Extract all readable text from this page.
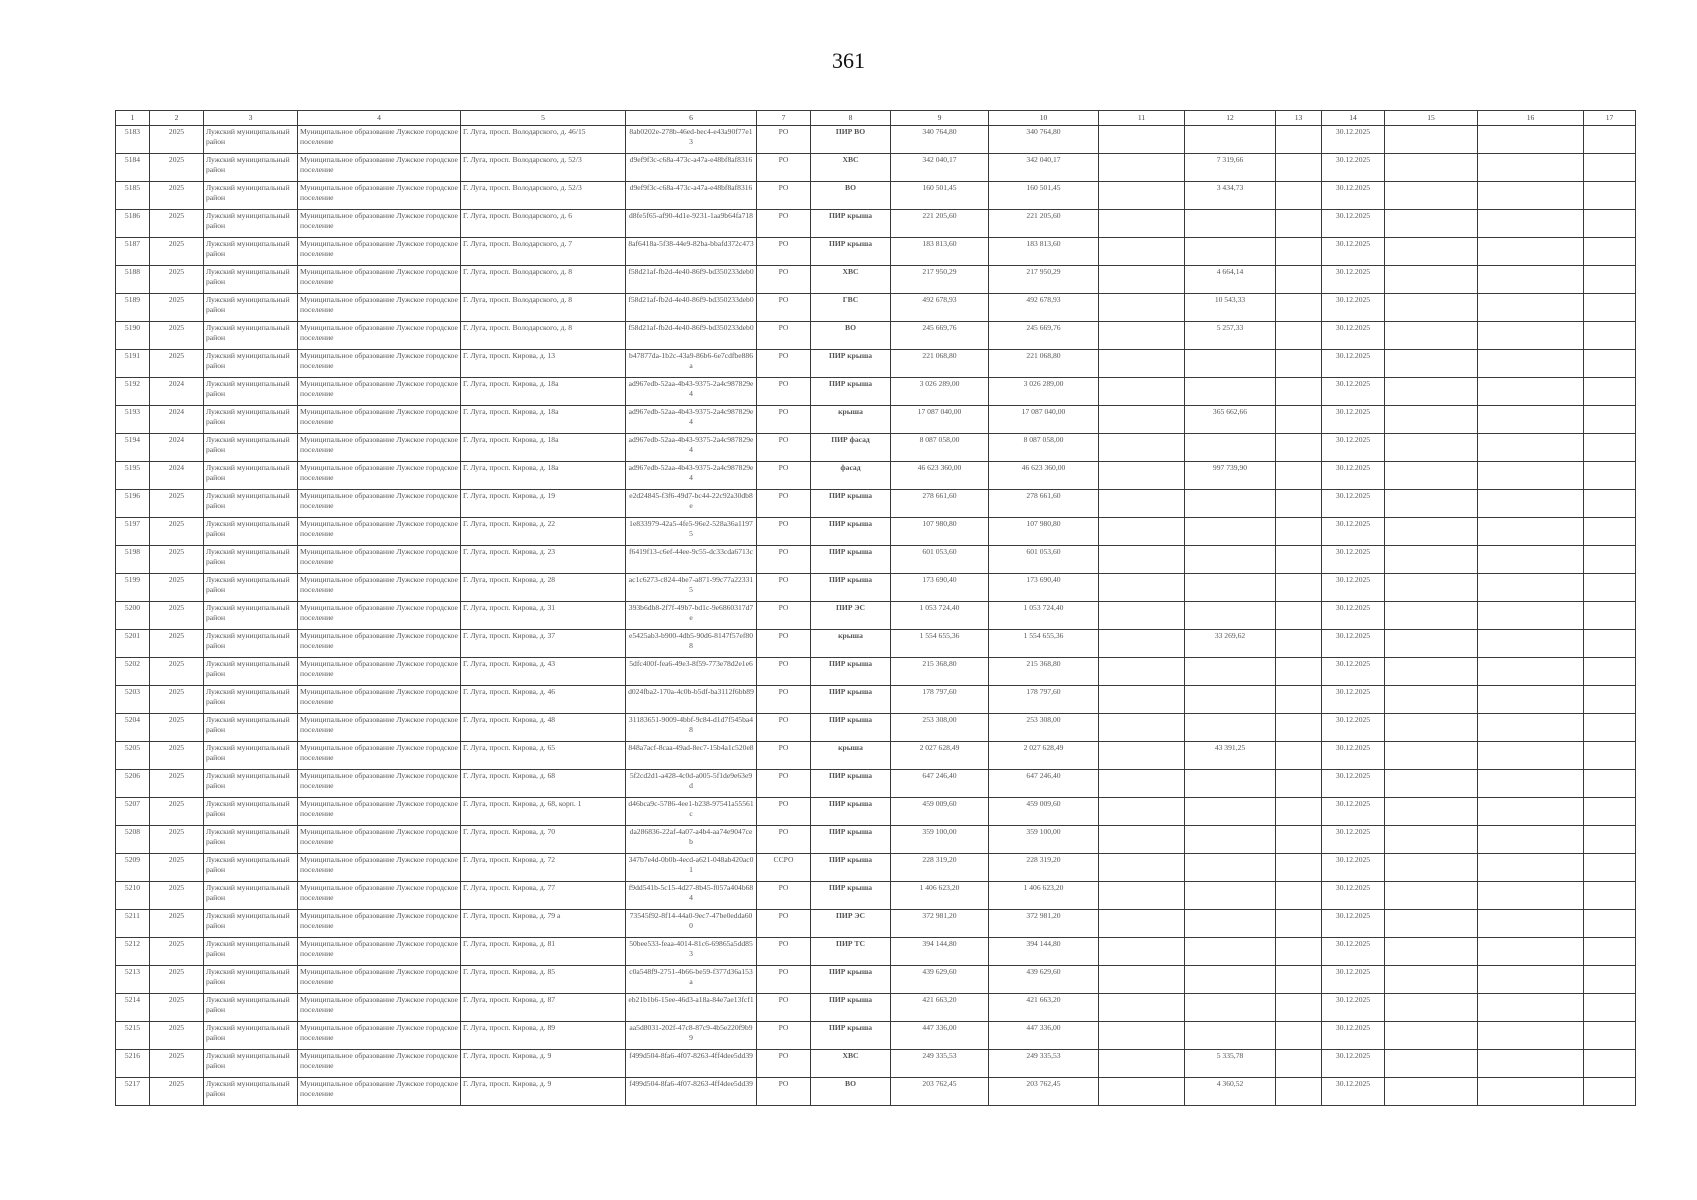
361
1	2	3	4	5	6	7	8	9	10	11	12	13	14	15	16	17
5183	2025	Лужский муниципальный район	Муниципальное образование Лужское городское поселение	Г. Луга, просп. Володарского, д. 46/15	8ab0202e-278b-46ed-bec4-e43a90f77e13	РО	ПИР ВО	340 764,80	340 764,80				30.12.2025			
5184	2025	Лужский муниципальный район	Муниципальное образование Лужское городское поселение	Г. Луга, просп. Володарского, д. 52/3	d9ef9f3c-c68a-473c-a47a-e48bf8af8316	РО	ХВС	342 040,17	342 040,17		7 319,66		30.12.2025			
5185	2025	Лужский муниципальный район	Муниципальное образование Лужское городское поселение	Г. Луга, просп. Володарского, д. 52/3	d9ef9f3c-c68a-473c-a47a-e48bf8af8316	РО	ВО	160 501,45	160 501,45		3 434,73		30.12.2025			
5186	2025	Лужский муниципальный район	Муниципальное образование Лужское городское поселение	Г. Луга, просп. Володарского, д. 6	d8fe5f65-af90-4d1e-9231-1aa9b64fa718	РО	ПИР крыша	221 205,60	221 205,60				30.12.2025			
5187	2025	Лужский муниципальный район	Муниципальное образование Лужское городское поселение	Г. Луга, просп. Володарского, д. 7	8af6418a-5f38-44e9-82ba-bbafd372c473	РО	ПИР крыша	183 813,60	183 813,60				30.12.2025			
5188	2025	Лужский муниципальный район	Муниципальное образование Лужское городское поселение	Г. Луга, просп. Володарского, д. 8	f58d21af-fb2d-4e40-86f9-bd350233deb0	РО	ХВС	217 950,29	217 950,29		4 664,14		30.12.2025			
5189	2025	Лужский муниципальный район	Муниципальное образование Лужское городское поселение	Г. Луга, просп. Володарского, д. 8	f58d21af-fb2d-4e40-86f9-bd350233deb0	РО	ГВС	492 678,93	492 678,93		10 543,33		30.12.2025			
5190	2025	Лужский муниципальный район	Муниципальное образование Лужское городское поселение	Г. Луга, просп. Володарского, д. 8	f58d21af-fb2d-4e40-86f9-bd350233deb0	РО	ВО	245 669,76	245 669,76		5 257,33		30.12.2025			
5191	2025	Лужский муниципальный район	Муниципальное образование Лужское городское поселение	Г. Луга, просп. Кирова, д. 13	b47877da-1b2c-43a9-86b6-6e7cdfbe886a	РО	ПИР крыша	221 068,80	221 068,80				30.12.2025			
5192	2024	Лужский муниципальный район	Муниципальное образование Лужское городское поселение	Г. Луга, просп. Кирова, д. 18а	ad967edb-52aa-4b43-9375-2a4c987829e4	РО	ПИР крыша	3 026 289,00	3 026 289,00				30.12.2025			
5193	2024	Лужский муниципальный район	Муниципальное образование Лужское городское поселение	Г. Луга, просп. Кирова, д. 18а	ad967edb-52aa-4b43-9375-2a4c987829e4	РО	крыша	17 087 040,00	17 087 040,00		365 662,66		30.12.2025			
5194	2024	Лужский муниципальный район	Муниципальное образование Лужское городское поселение	Г. Луга, просп. Кирова, д. 18а	ad967edb-52aa-4b43-9375-2a4c987829e4	РО	ПИР фасад	8 087 058,00	8 087 058,00				30.12.2025			
5195	2024	Лужский муниципальный район	Муниципальное образование Лужское городское поселение	Г. Луга, просп. Кирова, д. 18а	ad967edb-52aa-4b43-9375-2a4c987829e4	РО	фасад	46 623 360,00	46 623 360,00		997 739,90		30.12.2025			
5196	2025	Лужский муниципальный район	Муниципальное образование Лужское городское поселение	Г. Луга, просп. Кирова, д. 19	e2d24845-f3f6-49d7-bc44-22c92a30db8e	РО	ПИР крыша	278 661,60	278 661,60				30.12.2025			
5197	2025	Лужский муниципальный район	Муниципальное образование Лужское городское поселение	Г. Луга, просп. Кирова, д. 22	1e833979-42a5-4fe5-96e2-528a36a11975	РО	ПИР крыша	107 980,80	107 980,80				30.12.2025			
5198	2025	Лужский муниципальный район	Муниципальное образование Лужское городское поселение	Г. Луга, просп. Кирова, д. 23	f6419f13-c6ef-44ee-9c55-dc33cda6713c	РО	ПИР крыша	601 053,60	601 053,60				30.12.2025			
5199	2025	Лужский муниципальный район	Муниципальное образование Лужское городское поселение	Г. Луга, просп. Кирова, д. 28	ac1c6273-c824-4be7-a871-99c77a223315	РО	ПИР крыша	173 690,40	173 690,40				30.12.2025			
5200	2025	Лужский муниципальный район	Муниципальное образование Лужское городское поселение	Г. Луга, просп. Кирова, д. 31	393b6db8-2f7f-49b7-bd1c-9e6860317d7e	РО	ПИР ЭС	1 053 724,40	1 053 724,40				30.12.2025			
5201	2025	Лужский муниципальный район	Муниципальное образование Лужское городское поселение	Г. Луга, просп. Кирова, д. 37	e5425ab3-b900-4db5-90d6-8147f57ef808	РО	крыша	1 554 655,36	1 554 655,36		33 269,62		30.12.2025			
5202	2025	Лужский муниципальный район	Муниципальное образование Лужское городское поселение	Г. Луга, просп. Кирова, д. 43	5dfc400f-fea6-49e3-8f59-773e78d2e1e6	РО	ПИР крыша	215 368,80	215 368,80				30.12.2025			
5203	2025	Лужский муниципальный район	Муниципальное образование Лужское городское поселение	Г. Луга, просп. Кирова, д. 46	d024fba2-170a-4c0b-b5df-ba3112f6bb89	РО	ПИР крыша	178 797,60	178 797,60				30.12.2025			
5204	2025	Лужский муниципальный район	Муниципальное образование Лужское городское поселение	Г. Луга, просп. Кирова, д. 48	31183651-9009-4bbf-9c84-d1d7f545ba48	РО	ПИР крыша	253 308,00	253 308,00				30.12.2025			
5205	2025	Лужский муниципальный район	Муниципальное образование Лужское городское поселение	Г. Луга, просп. Кирова, д. 65	848a7acf-8caa-49ad-8ec7-15b4a1c520e8	РО	крыша	2 027 628,49	2 027 628,49		43 391,25		30.12.2025			
5206	2025	Лужский муниципальный район	Муниципальное образование Лужское городское поселение	Г. Луга, просп. Кирова, д. 68	5f2cd2d1-a428-4c0d-a005-5f1de9e63e9d	РО	ПИР крыша	647 246,40	647 246,40				30.12.2025			
5207	2025	Лужский муниципальный район	Муниципальное образование Лужское городское поселение	Г. Луга, просп. Кирова, д. 68, корп. 1	d46bca9c-5786-4ee1-b238-97541a55561c	РО	ПИР крыша	459 009,60	459 009,60				30.12.2025			
5208	2025	Лужский муниципальный район	Муниципальное образование Лужское городское поселение	Г. Луга, просп. Кирова, д. 70	da286836-22af-4a07-a4b4-aa74e9047ceb	РО	ПИР крыша	359 100,00	359 100,00				30.12.2025			
5209	2025	Лужский муниципальный район	Муниципальное образование Лужское городское поселение	Г. Луга, просп. Кирова, д. 72	347b7e4d-0b0b-4ecd-a621-048ab420ac01	ССРО	ПИР крыша	228 319,20	228 319,20				30.12.2025			
5210	2025	Лужский муниципальный район	Муниципальное образование Лужское городское поселение	Г. Луга, просп. Кирова, д. 77	f9dd541b-5c15-4d27-8b45-f057a404b684	РО	ПИР крыша	1 406 623,20	1 406 623,20				30.12.2025			
5211	2025	Лужский муниципальный район	Муниципальное образование Лужское городское поселение	Г. Луга, просп. Кирова, д. 79 а	73545f92-8f14-44a0-9ec7-47be0edda600	РО	ПИР ЭС	372 981,20	372 981,20				30.12.2025			
5212	2025	Лужский муниципальный район	Муниципальное образование Лужское городское поселение	Г. Луга, просп. Кирова, д. 81	50bee533-feaa-4014-81c6-69865a5dd853	РО	ПИР ТС	394 144,80	394 144,80				30.12.2025			
5213	2025	Лужский муниципальный район	Муниципальное образование Лужское городское поселение	Г. Луга, просп. Кирова, д. 85	c0a548f9-2751-4b66-be59-f377d36a153a	РО	ПИР крыша	439 629,60	439 629,60				30.12.2025			
5214	2025	Лужский муниципальный район	Муниципальное образование Лужское городское поселение	Г. Луга, просп. Кирова, д. 87	eb21b1b6-15ee-46d3-a18a-84e7ae13fcf1	РО	ПИР крыша	421 663,20	421 663,20				30.12.2025			
5215	2025	Лужский муниципальный район	Муниципальное образование Лужское городское поселение	Г. Луга, просп. Кирова, д. 89	aa5d8031-202f-47c8-87c9-4b5e220f9b99	РО	ПИР крыша	447 336,00	447 336,00				30.12.2025			
5216	2025	Лужский муниципальный район	Муниципальное образование Лужское городское поселение	Г. Луга, просп. Кирова, д. 9	f499d504-8fa6-4f07-8263-4ff4dee5dd39	РО	ХВС	249 335,53	249 335,53		5 335,78		30.12.2025			
5217	2025	Лужский муниципальный район	Муниципальное образование Лужское городское поселение	Г. Луга, просп. Кирова, д. 9	f499d504-8fa6-4f07-8263-4ff4dee5dd39	РО	ВО	203 762,45	203 762,45		4 360,52		30.12.2025			
